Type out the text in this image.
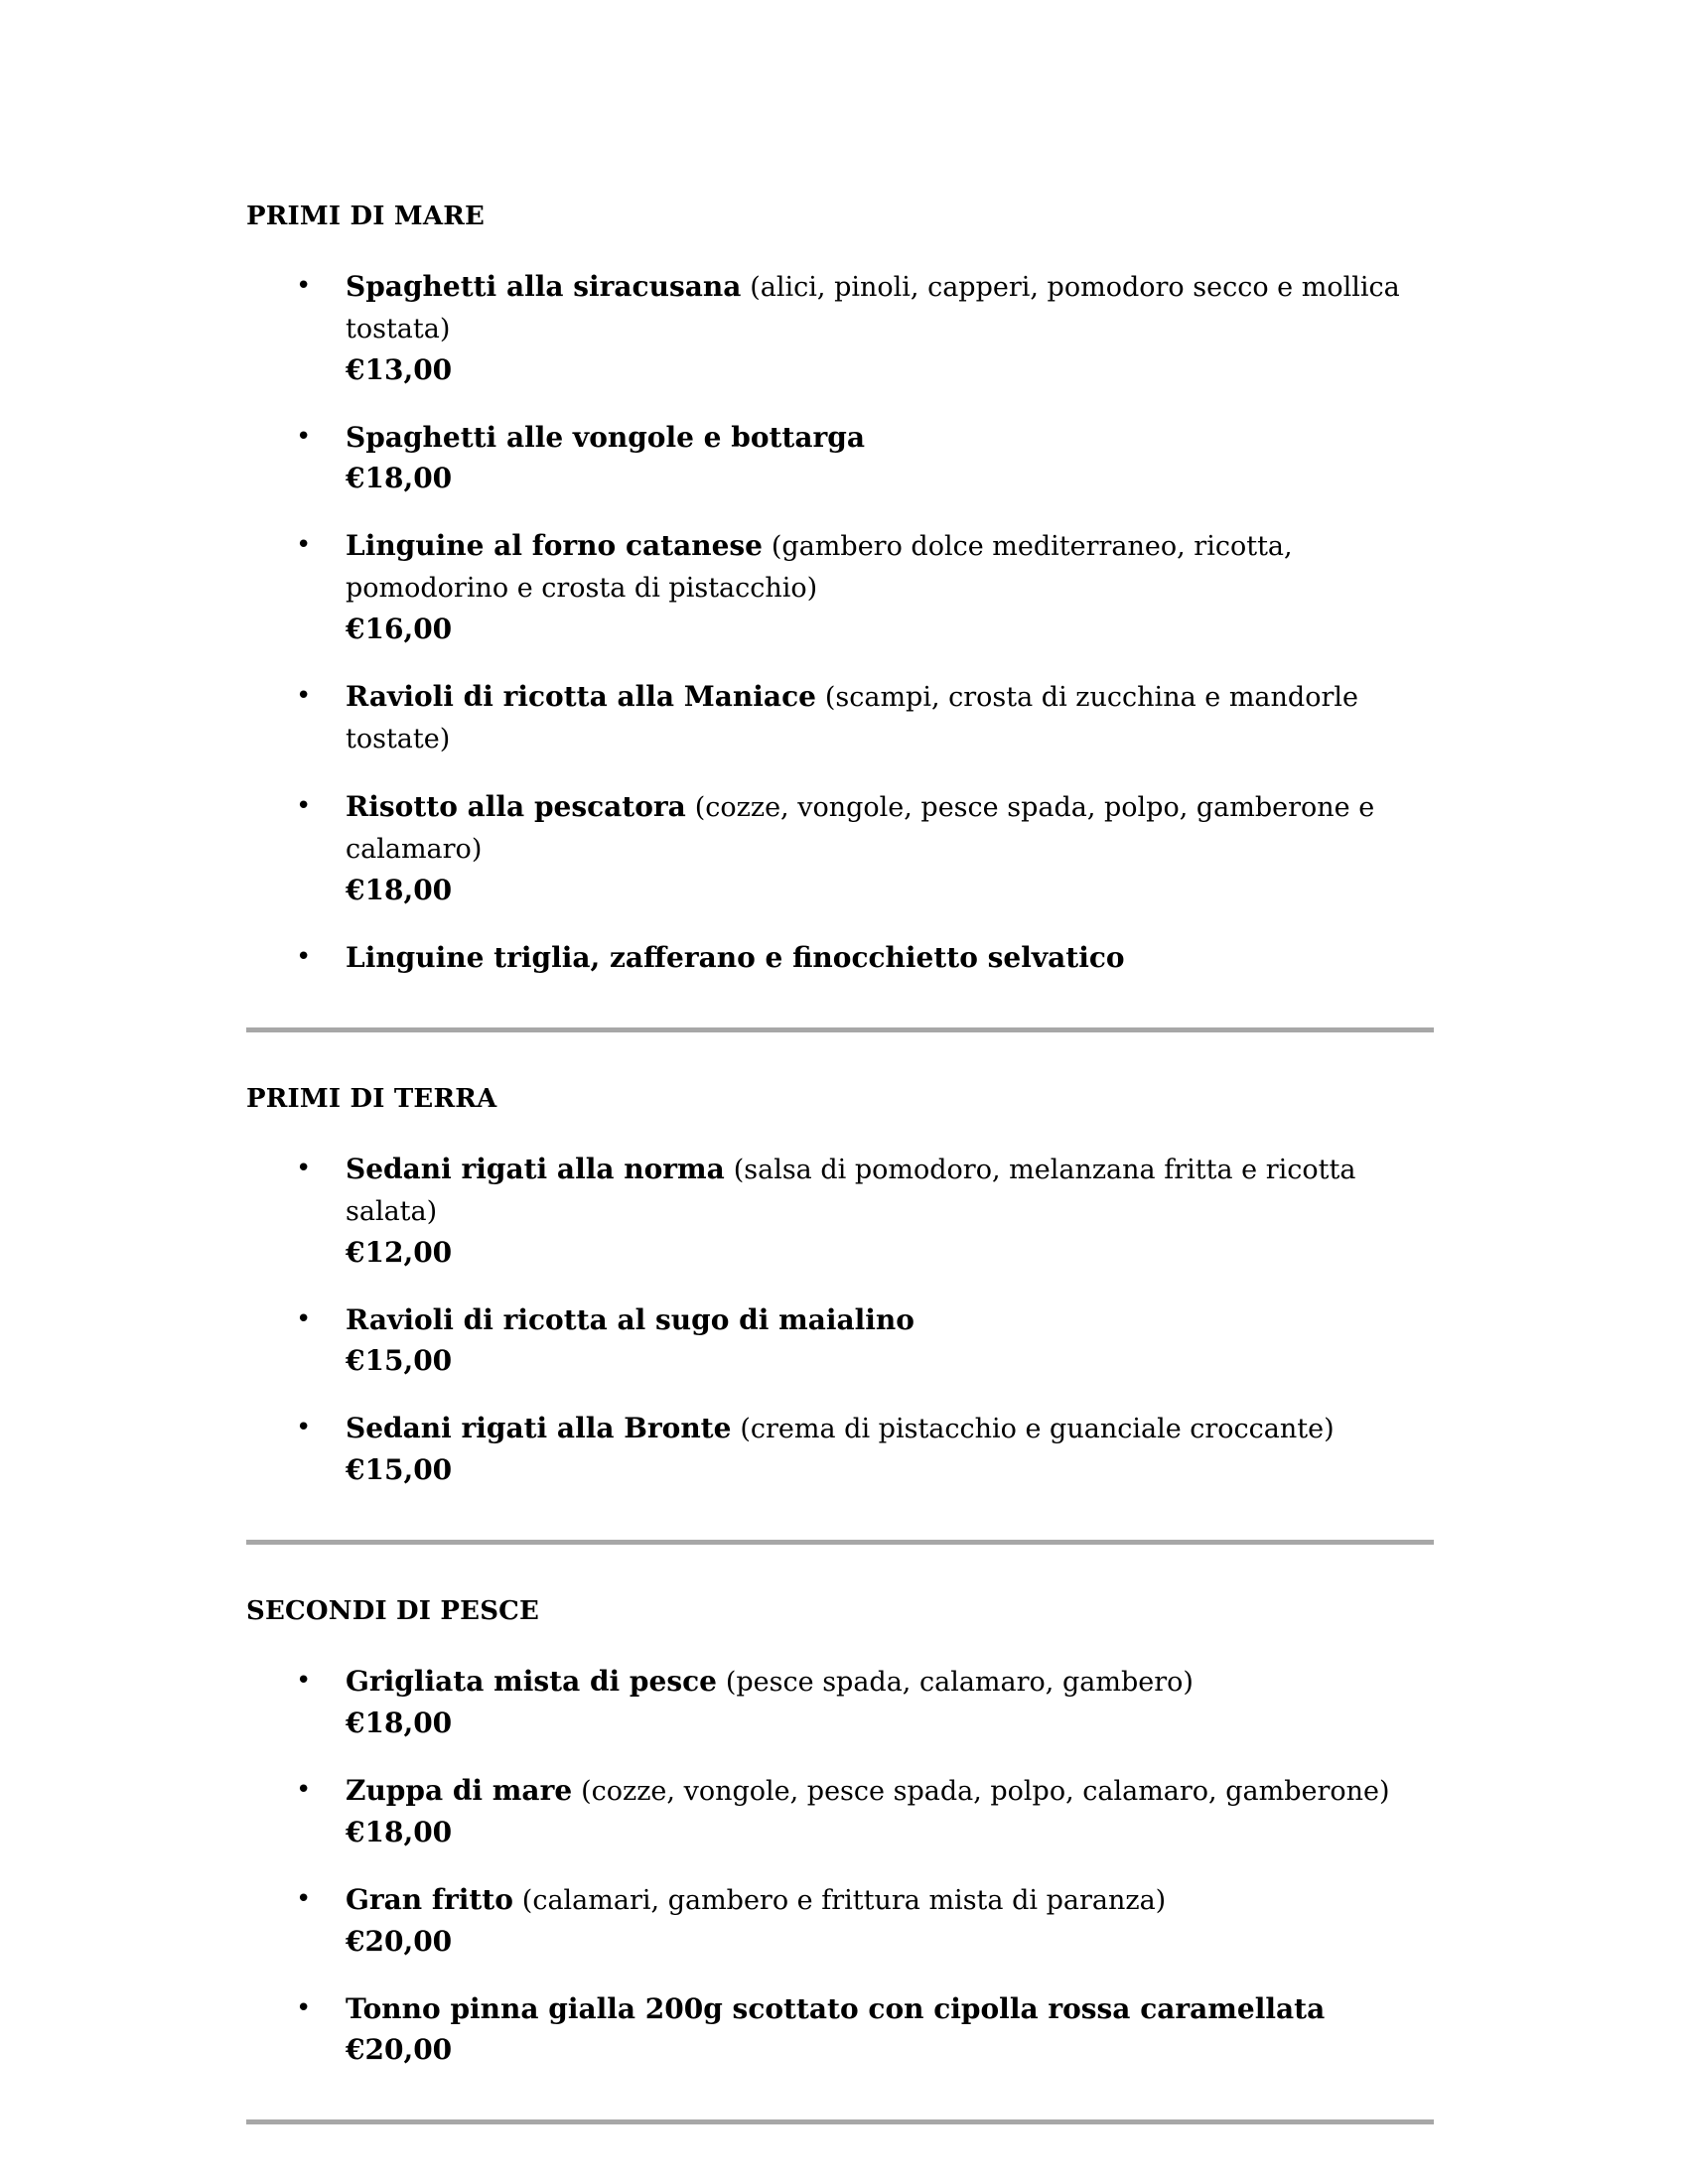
PRIMI DI MARE
• Spaghetti alla siracusana (alici, pinoli, capperi, pomodoro secco e mollica tostata)
€13,00
• Spaghetti alle vongole e bottarga
€18,00
• Linguine al forno catanese (gambero dolce mediterraneo, ricotta, pomodorino e crosta di pistacchio)
€16,00
• Ravioli di ricotta alla Maniace (scampi, crosta di zucchina e mandorle tostate)
• Risotto alla pescatora (cozze, vongole, pesce spada, polpo, gamberone e calamaro)
€18,00
• Linguine triglia, zafferano e finocchietto selvatico
PRIMI DI TERRA
• Sedani rigati alla norma (salsa di pomodoro, melanzana fritta e ricotta salata)
€12,00
• Ravioli di ricotta al sugo di maialino
€15,00
• Sedani rigati alla Bronte (crema di pistacchio e guanciale croccante)
€15,00
SECONDI DI PESCE
• Grigliata mista di pesce (pesce spada, calamaro, gambero)
€18,00
• Zuppa di mare (cozze, vongole, pesce spada, polpo, calamaro, gamberone)
€18,00
• Gran fritto (calamari, gambero e frittura mista di paranza)
€20,00
• Tonno pinna gialla 200g scottato con cipolla rossa caramellata
€20,00
